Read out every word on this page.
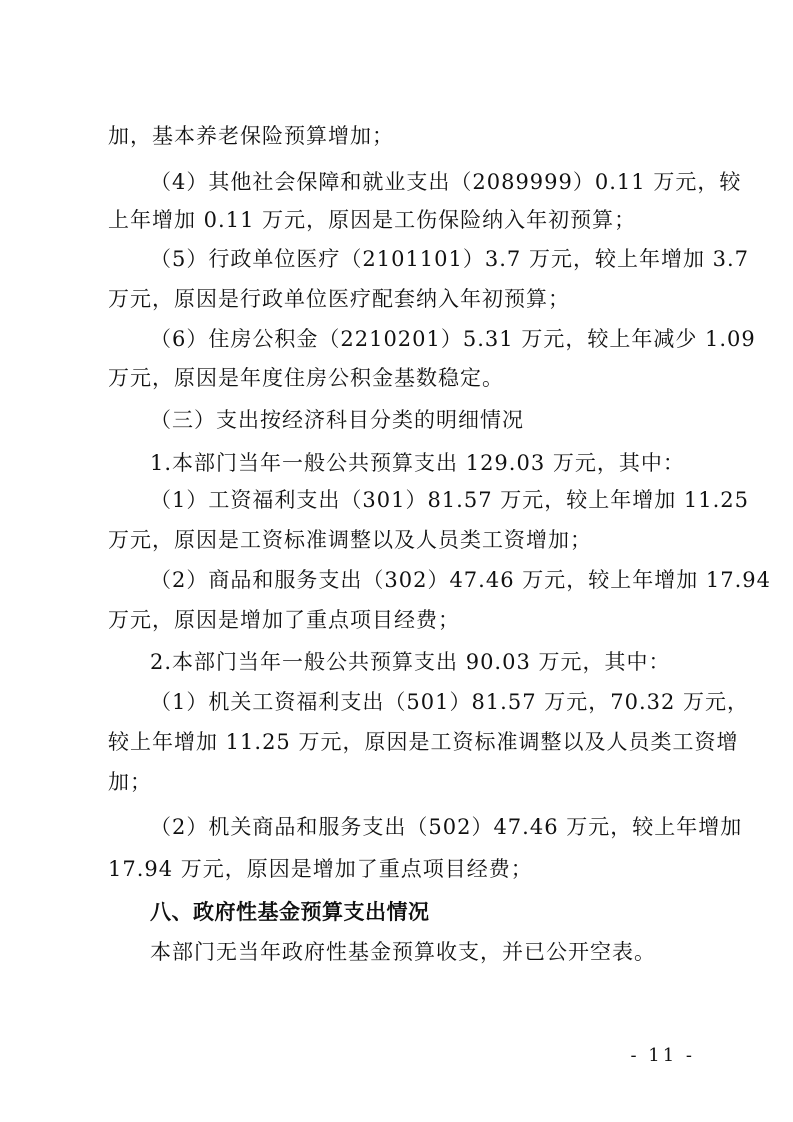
加，基本养老保险预算增加；
（4）其他社会保障和就业支出（2089999）0.11 万元，较
上年增加 0.11 万元，原因是工伤保险纳入年初预算；
（5）行政单位医疗（2101101）3.7 万元，较上年增加 3.7
万元，原因是行政单位医疗配套纳入年初预算；
（6）住房公积金（2210201）5.31 万元，较上年减少 1.09
万元，原因是年度住房公积金基数稳定。
（三）支出按经济科目分类的明细情况
1.本部门当年一般公共预算支出 129.03 万元，其中：
（1）工资福利支出（301）81.57 万元，较上年增加 11.25
万元，原因是工资标准调整以及人员类工资增加；
（2）商品和服务支出（302）47.46 万元，较上年增加 17.94
万元，原因是增加了重点项目经费；
2.本部门当年一般公共预算支出 90.03 万元，其中：
（1）机关工资福利支出（501）81.57 万元，70.32 万元，
较上年增加 11.25 万元，原因是工资标准调整以及人员类工资增
加；
（2）机关商品和服务支出（502）47.46 万元，较上年增加
17.94 万元，原因是增加了重点项目经费；
八、政府性基金预算支出情况
本部门无当年政府性基金预算收支，并已公开空表。
- 11 -
